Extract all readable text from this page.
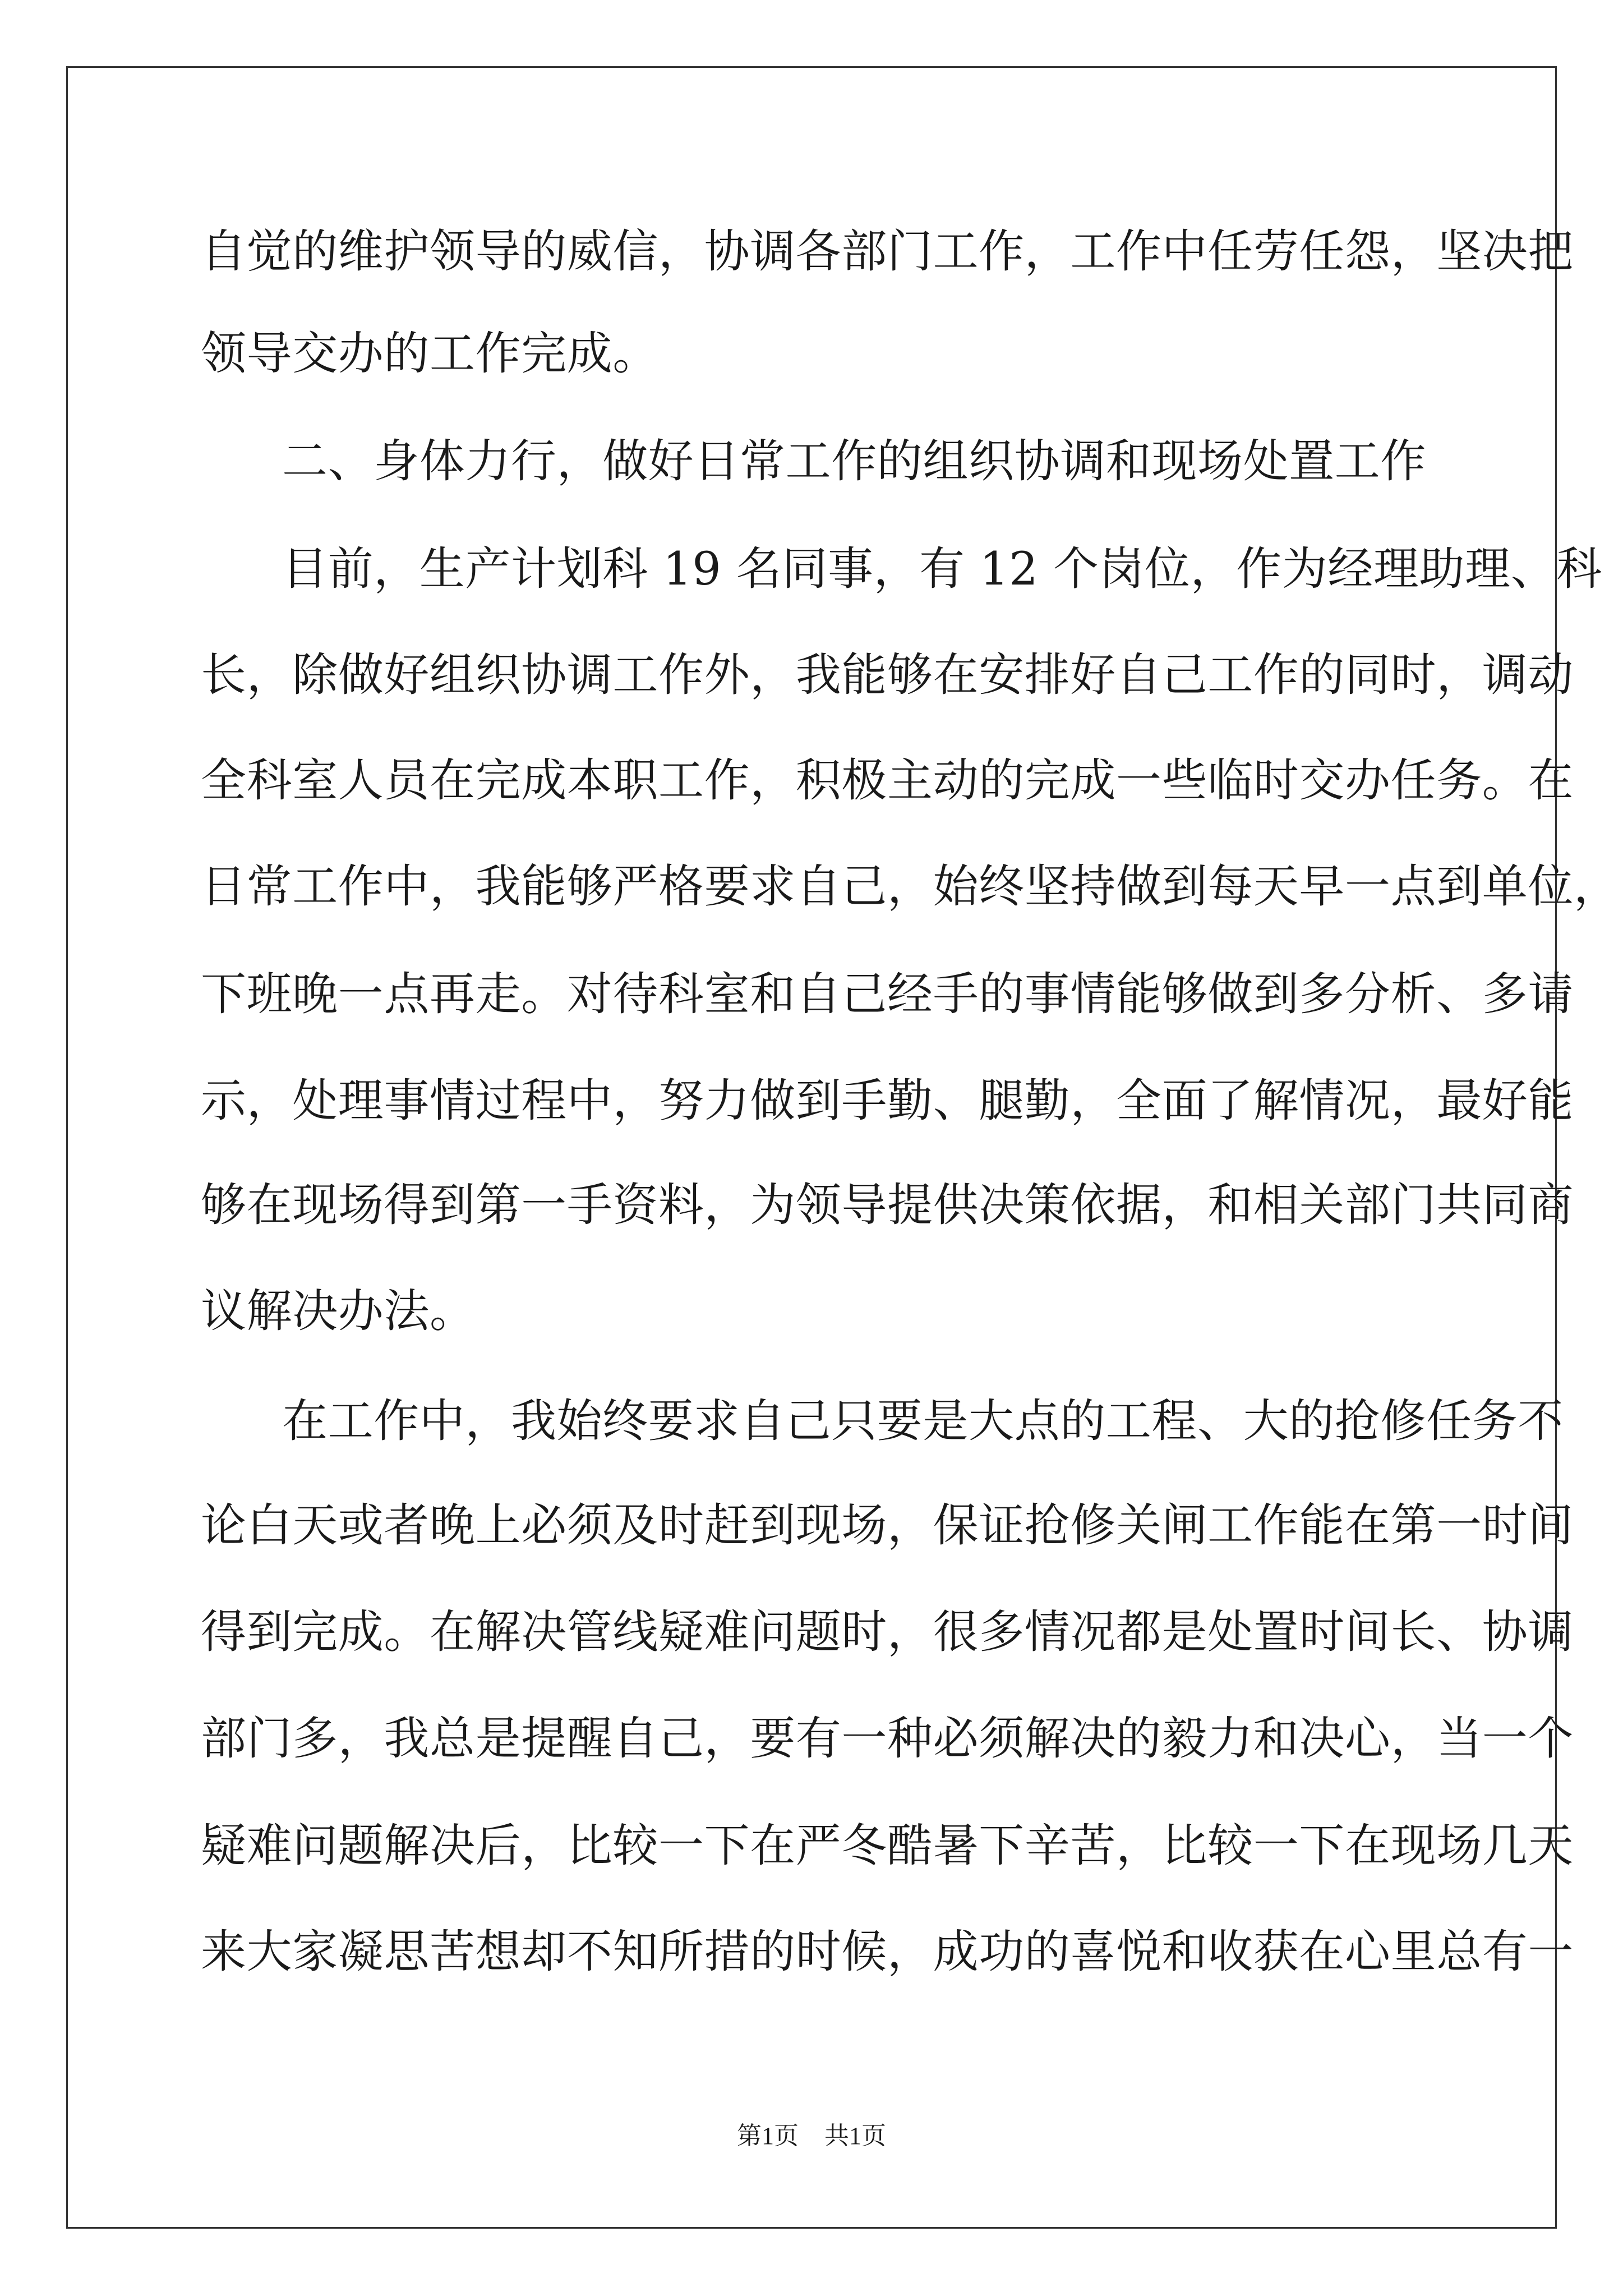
自觉的维护领导的威信，协调各部门工作，工作中任劳任怨，坚决把
领导交办的工作完成。
二、身体力行，做好日常工作的组织协调和现场处置工作
目前，生产计划科 19 名同事，有 12 个岗位，作为经理助理、科
长，除做好组织协调工作外，我能够在安排好自己工作的同时，调动
全科室人员在完成本职工作，积极主动的完成一些临时交办任务。在
日常工作中，我能够严格要求自己，始终坚持做到每天早一点到单位，
下班晚一点再走。对待科室和自己经手的事情能够做到多分析、多请
示，处理事情过程中，努力做到手勤、腿勤，全面了解情况，最好能
够在现场得到第一手资料，为领导提供决策依据，和相关部门共同商
议解决办法。
在工作中，我始终要求自己只要是大点的工程、大的抢修任务不
论白天或者晚上必须及时赶到现场，保证抢修关闸工作能在第一时间
得到完成。在解决管线疑难问题时，很多情况都是处置时间长、协调
部门多，我总是提醒自己，要有一种必须解决的毅力和决心，当一个
疑难问题解决后，比较一下在严冬酷暑下辛苦，比较一下在现场几天
来大家凝思苦想却不知所措的时候，成功的喜悦和收获在心里总有一
第1页 共1页
